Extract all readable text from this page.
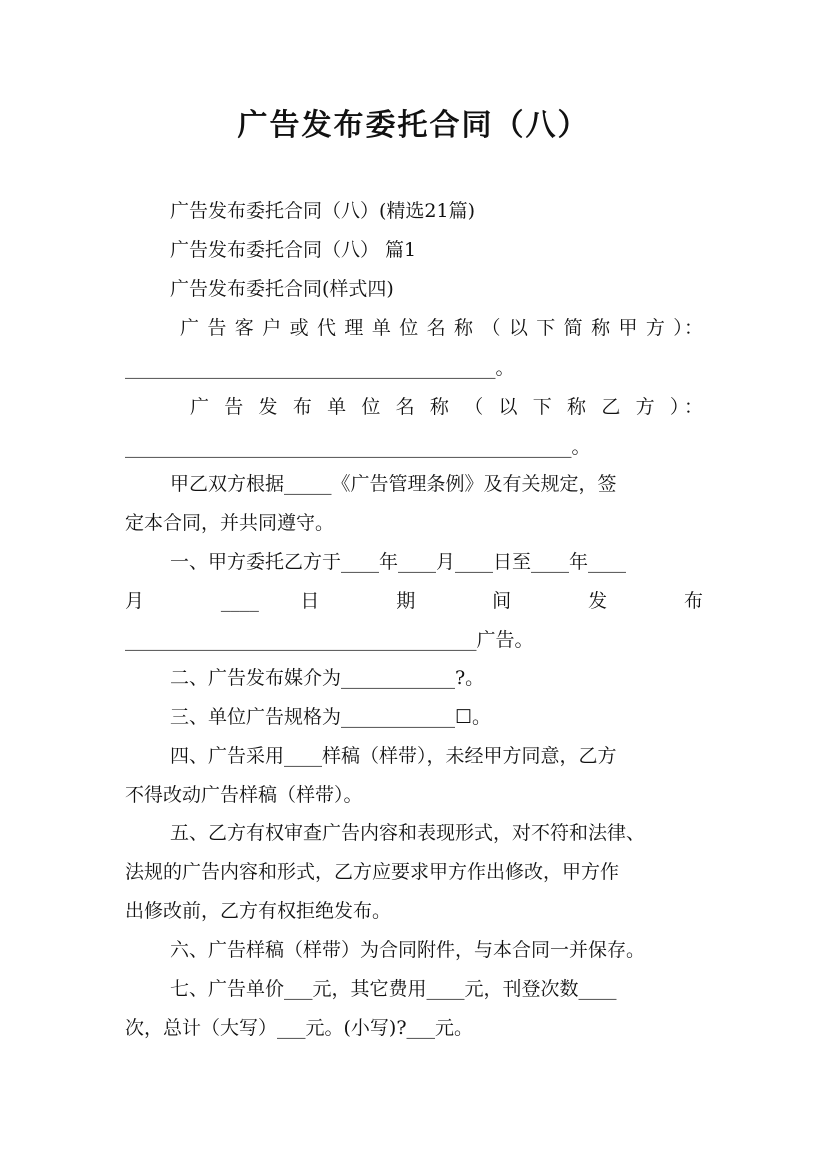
广告发布委托合同（八）

广告发布委托合同（八）(精选21篇)

广告发布委托合同（八） 篇1

广告发布委托合同(样式四)

广 告 客 户 或 代 理 单 位 名 称 （ 以 下 简 称 甲 方 ）：

_______________________________________。

广 告 发 布 单 位 名 称 （ 以 下 称 乙 方 ）：

_______________________________________________。

甲乙双方根据_____《广告管理条例》及有关规定，签

定本合同，并共同遵守。

一、甲方委托乙方于____年____月____日至____年____

月 ____ 日 期 间 发 布

_____________________________________广告。

二、广告发布媒介为____________?。

三、单位广告规格为____________☐。

四、广告采用____样稿（样带），未经甲方同意，乙方

不得改动广告样稿（样带）。

五、乙方有权审查广告内容和表现形式，对不符和法律、

法规的广告内容和形式，乙方应要求甲方作出修改，甲方作

出修改前，乙方有权拒绝发布。

六、广告样稿（样带）为合同附件，与本合同一并保存。

七、广告单价___元，其它费用____元，刊登次数____

次，总计（大写）___元。(小写)?___元。
